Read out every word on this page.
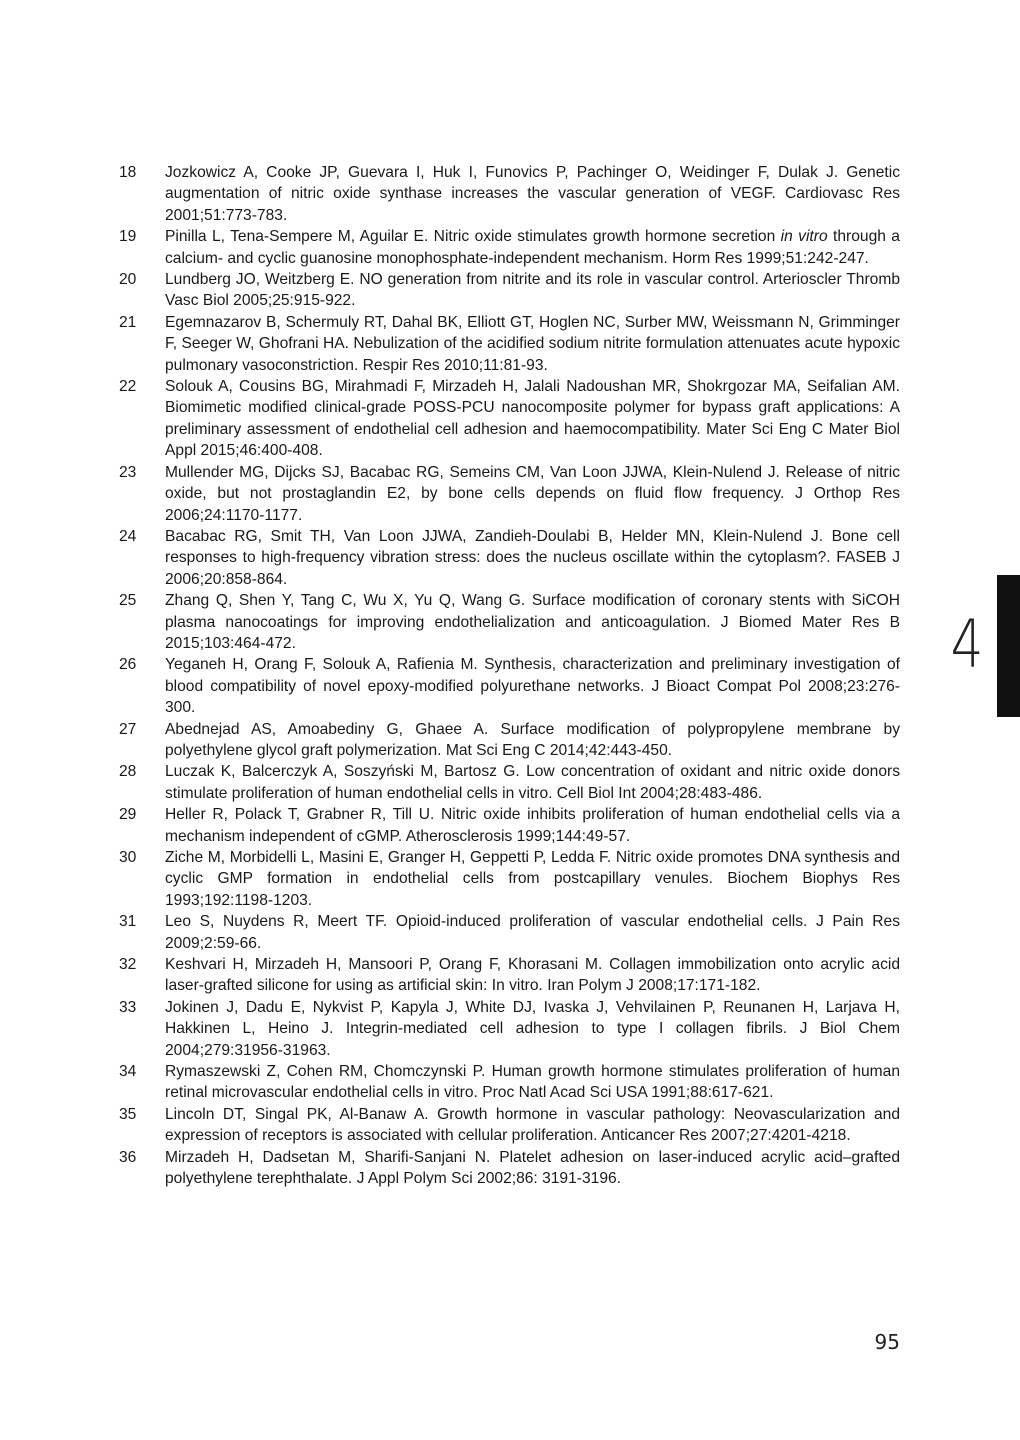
18	Jozkowicz A, Cooke JP, Guevara I, Huk I, Funovics P, Pachinger O, Weidinger F, Dulak J. Genetic augmentation of nitric oxide synthase increases the vascular generation of VEGF. Cardiovasc Res 2001;51:773-783.
19	Pinilla L, Tena-Sempere M, Aguilar E. Nitric oxide stimulates growth hormone secretion in vitro through a calcium- and cyclic guanosine monophosphate-independent mechanism. Horm Res 1999;51:242-247.
20	Lundberg JO, Weitzberg E. NO generation from nitrite and its role in vascular control. Arterioscler Thromb Vasc Biol 2005;25:915-922.
21	Egemnazarov B, Schermuly RT, Dahal BK, Elliott GT, Hoglen NC, Surber MW, Weissmann N, Grimminger F, Seeger W, Ghofrani HA. Nebulization of the acidified sodium nitrite formulation attenuates acute hypoxic pulmonary vasoconstriction. Respir Res 2010;11:81-93.
22	Solouk A, Cousins BG, Mirahmadi F, Mirzadeh H, Jalali Nadoushan MR, Shokrgozar MA, Seifalian AM. Biomimetic modified clinical-grade POSS-PCU nanocomposite polymer for bypass graft applications: A preliminary assessment of endothelial cell adhesion and haemocompatibility. Mater Sci Eng C Mater Biol Appl 2015;46:400-408.
23	Mullender MG, Dijcks SJ, Bacabac RG, Semeins CM, Van Loon JJWA, Klein-Nulend J. Release of nitric oxide, but not prostaglandin E2, by bone cells depends on fluid flow frequency. J Orthop Res 2006;24:1170-1177.
24	Bacabac RG, Smit TH, Van Loon JJWA, Zandieh-Doulabi B, Helder MN, Klein-Nulend J. Bone cell responses to high-frequency vibration stress: does the nucleus oscillate within the cytoplasm?. FASEB J 2006;20:858-864.
25	Zhang Q, Shen Y, Tang C, Wu X, Yu Q, Wang G. Surface modification of coronary stents with SiCOH plasma nanocoatings for improving endothelialization and anticoagulation. J Biomed Mater Res B 2015;103:464-472.
26	Yeganeh H, Orang F, Solouk A, Rafienia M. Synthesis, characterization and preliminary investigation of blood compatibility of novel epoxy-modified polyurethane networks. J Bioact Compat Pol 2008;23:276-300.
27	Abednejad AS, Amoabediny G, Ghaee A. Surface modification of polypropylene membrane by polyethylene glycol graft polymerization. Mat Sci Eng C 2014;42:443-450.
28	Luczak K, Balcerczyk A, Soszyński M, Bartosz G. Low concentration of oxidant and nitric oxide donors stimulate proliferation of human endothelial cells in vitro. Cell Biol Int 2004;28:483-486.
29	Heller R, Polack T, Grabner R, Till U. Nitric oxide inhibits proliferation of human endothelial cells via a mechanism independent of cGMP. Atherosclerosis 1999;144:49-57.
30	Ziche M, Morbidelli L, Masini E, Granger H, Geppetti P, Ledda F. Nitric oxide promotes DNA synthesis and cyclic GMP formation in endothelial cells from postcapillary venules. Biochem Biophys Res 1993;192:1198-1203.
31	Leo S, Nuydens R, Meert TF. Opioid-induced proliferation of vascular endothelial cells. J Pain Res 2009;2:59-66.
32	Keshvari H, Mirzadeh H, Mansoori P, Orang F, Khorasani M. Collagen immobilization onto acrylic acid laser-grafted silicone for using as artificial skin: In vitro. Iran Polym J 2008;17:171-182.
33	Jokinen J, Dadu E, Nykvist P, Kapyla J, White DJ, Ivaska J, Vehvilainen P, Reunanen H, Larjava H, Hakkinen L, Heino J. Integrin-mediated cell adhesion to type I collagen fibrils. J Biol Chem 2004;279:31956-31963.
34	Rymaszewski Z, Cohen RM, Chomczynski P. Human growth hormone stimulates proliferation of human retinal microvascular endothelial cells in vitro. Proc Natl Acad Sci USA 1991;88:617-621.
35	Lincoln DT, Singal PK, Al-Banaw A. Growth hormone in vascular pathology: Neovascularization and expression of receptors is associated with cellular proliferation. Anticancer Res 2007;27:4201-4218.
36	Mirzadeh H, Dadsetan M, Sharifi-Sanjani N. Platelet adhesion on laser-induced acrylic acid–grafted polyethylene terephthalate. J Appl Polym Sci 2002;86: 3191-3196.
4
95
